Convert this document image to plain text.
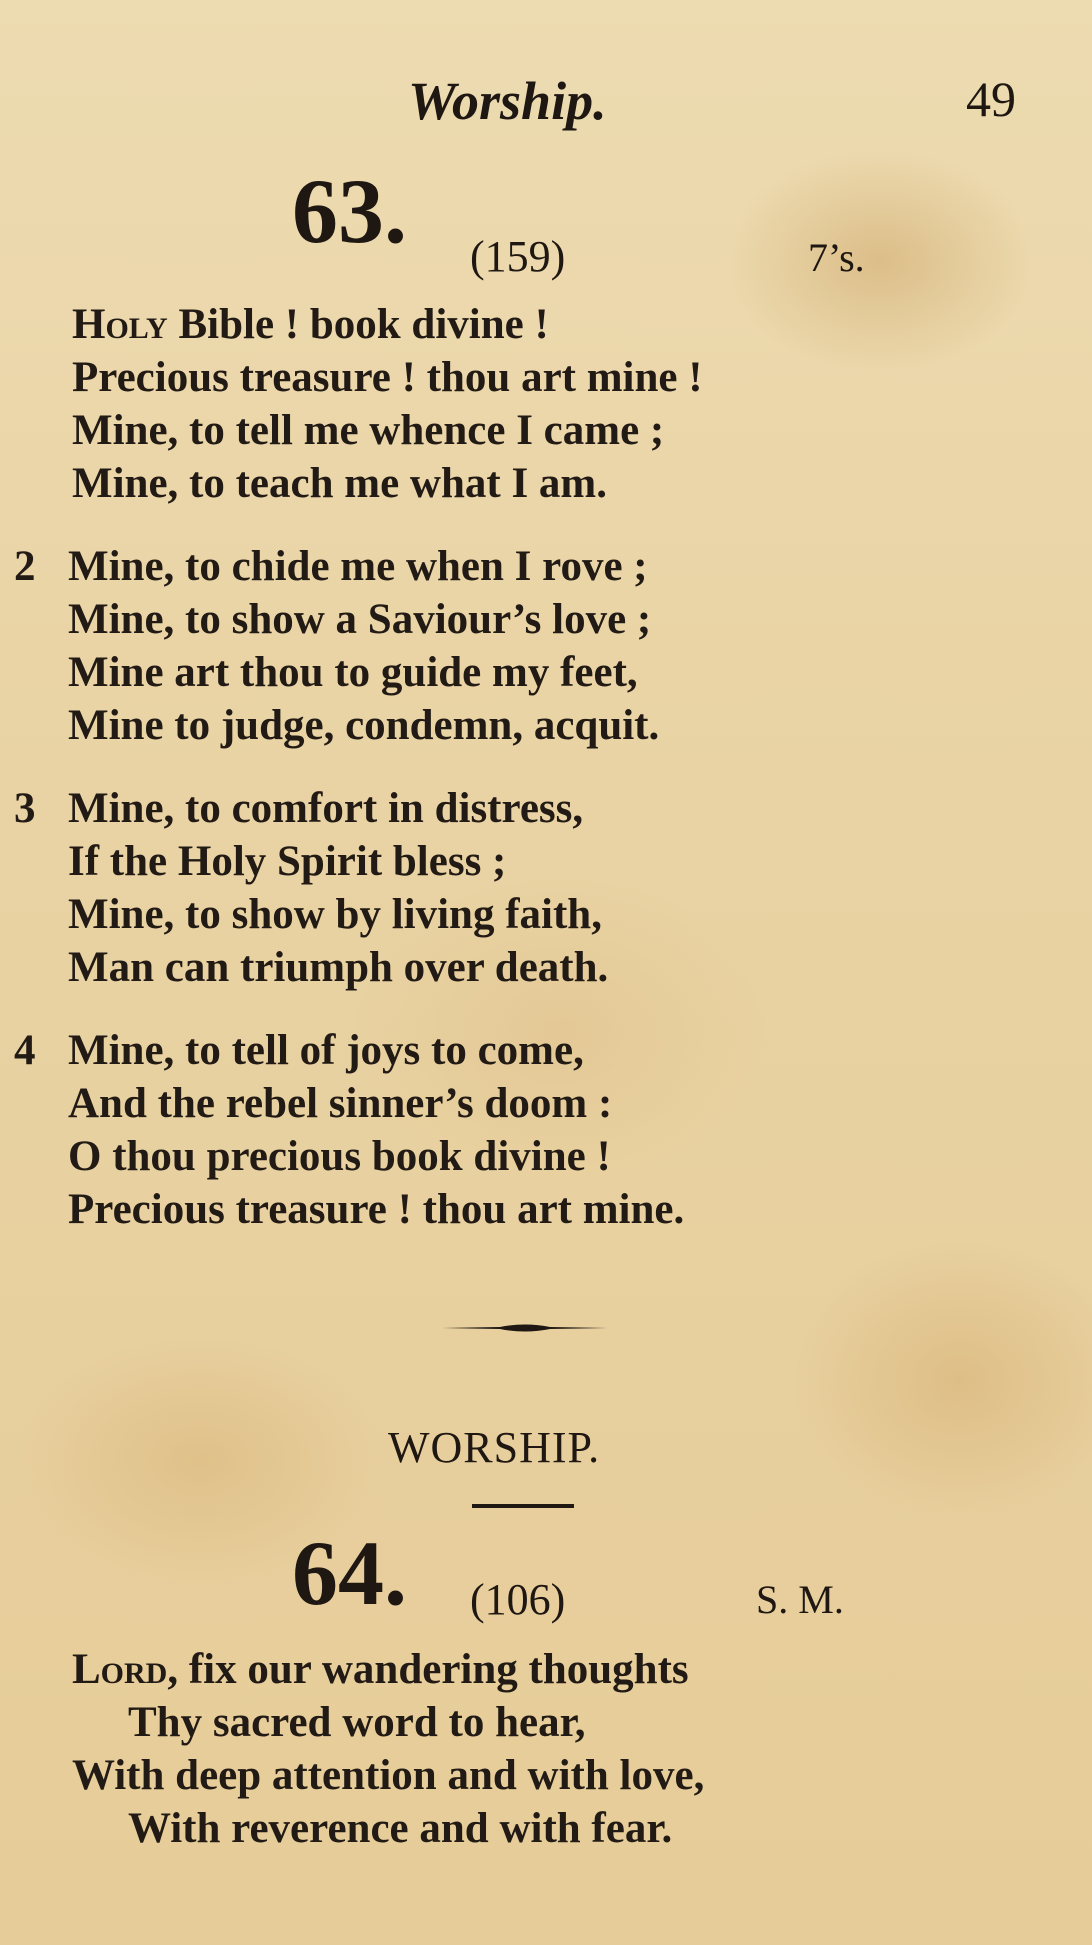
Worship.	49
63. (159)	7’s.
Holy Bible ! book divine !
Precious treasure ! thou art mine !
Mine, to tell me whence I came ;
Mine, to teach me what I am.
2 Mine, to chide me when I rove ;
Mine, to show a Saviour’s love ;
Mine art thou to guide my feet,
Mine to judge, condemn, acquit.
3 Mine, to comfort in distress,
If the Holy Spirit bless ;
Mine, to show by living faith,
Man can triumph over death.
4 Mine, to tell of joys to come,
And the rebel sinner’s doom :
O thou precious book divine !
Precious treasure ! thou art mine.
WORSHIP.
64. (106)	S. M.
Lord, fix our wandering thoughts
Thy sacred word to hear,
With deep attention and with love,
With reverence and with fear.
